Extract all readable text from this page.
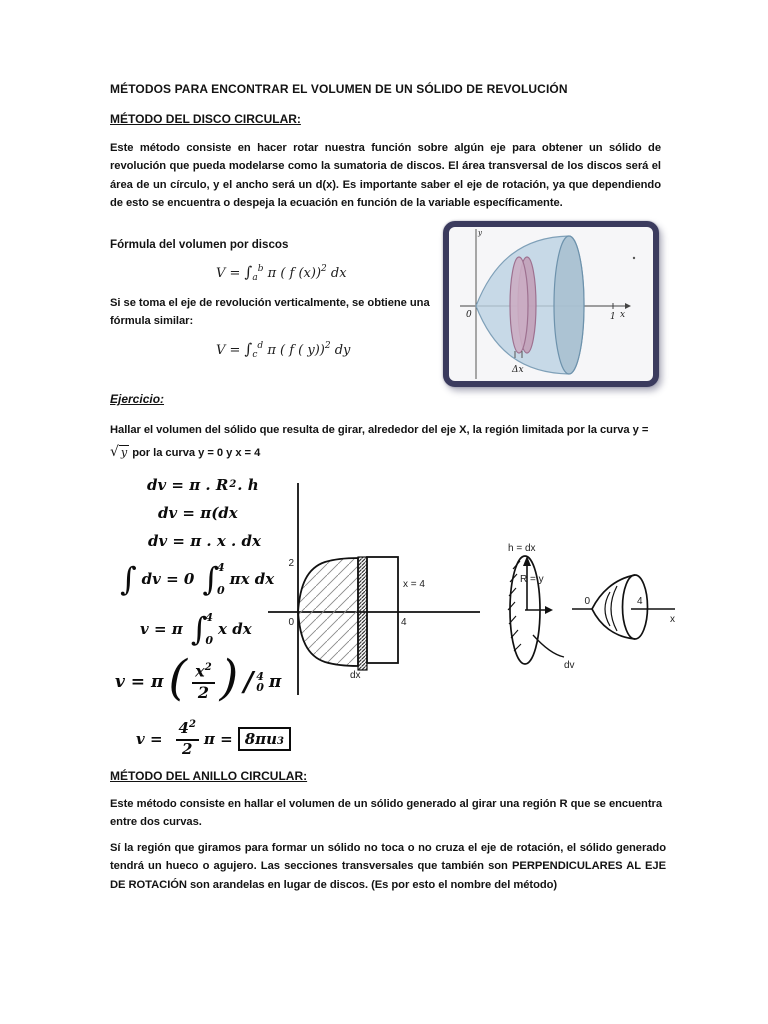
MÉTODOS PARA ENCONTRAR EL VOLUMEN DE UN SÓLIDO DE REVOLUCIÓN
MÉTODO DEL DISCO CIRCULAR:
Este método consiste en hacer rotar nuestra función sobre algún eje para obtener un sólido de revolución que pueda modelarse como la sumatoria de discos. El área transversal de los discos será el área de un círculo, y el ancho será un d(x). Es importante saber el eje de rotación, ya que dependiendo de esto se encuentra o despeja la ecuación en función de la variable específicamente.
Fórmula del volumen por discos
$V = \int_a^b$ π ( f (x))$^2$ dx
Si se toma el eje de revolución verticalmente, se obtiene una fórmula similar:
$V = \int_c^d$ π ( f ( y))$^2$ dy
y
0	1 x
Δx
Ejercicio:
Hallar el volumen del sólido que resulta de girar, alrededor del eje X, la región limitada por la curva y = √ y por la curva y = 0 y x = 4
dv = π . R 2 . h
dv = π(dx
dv = π . x . dx
∫ dv = 0 ∫
4
0
πx dx
v = π ∫
4
0
x dx
v = π ( $\frac{x^2}{2}$ ) / 4
0 π
$v = \frac{4^2}{2}$ $\pi = 8\pi u_3$
2
0	4
x = 4
dx
h = dx
R = y
dv
0	4
x
MÉTODO DEL ANILLO CIRCULAR:
Este método consiste en hallar el volumen de un sólido generado al girar una región R que se encuentra entre dos curvas.
Sí la región que giramos para formar un sólido no toca o no cruza el eje de rotación, el sólido generado tendrá un hueco o agujero. Las secciones transversales que también son PERPENDICULARES AL EJE DE ROTACIÓN son arandelas en lugar de discos. (Es por esto el nombre del método)
